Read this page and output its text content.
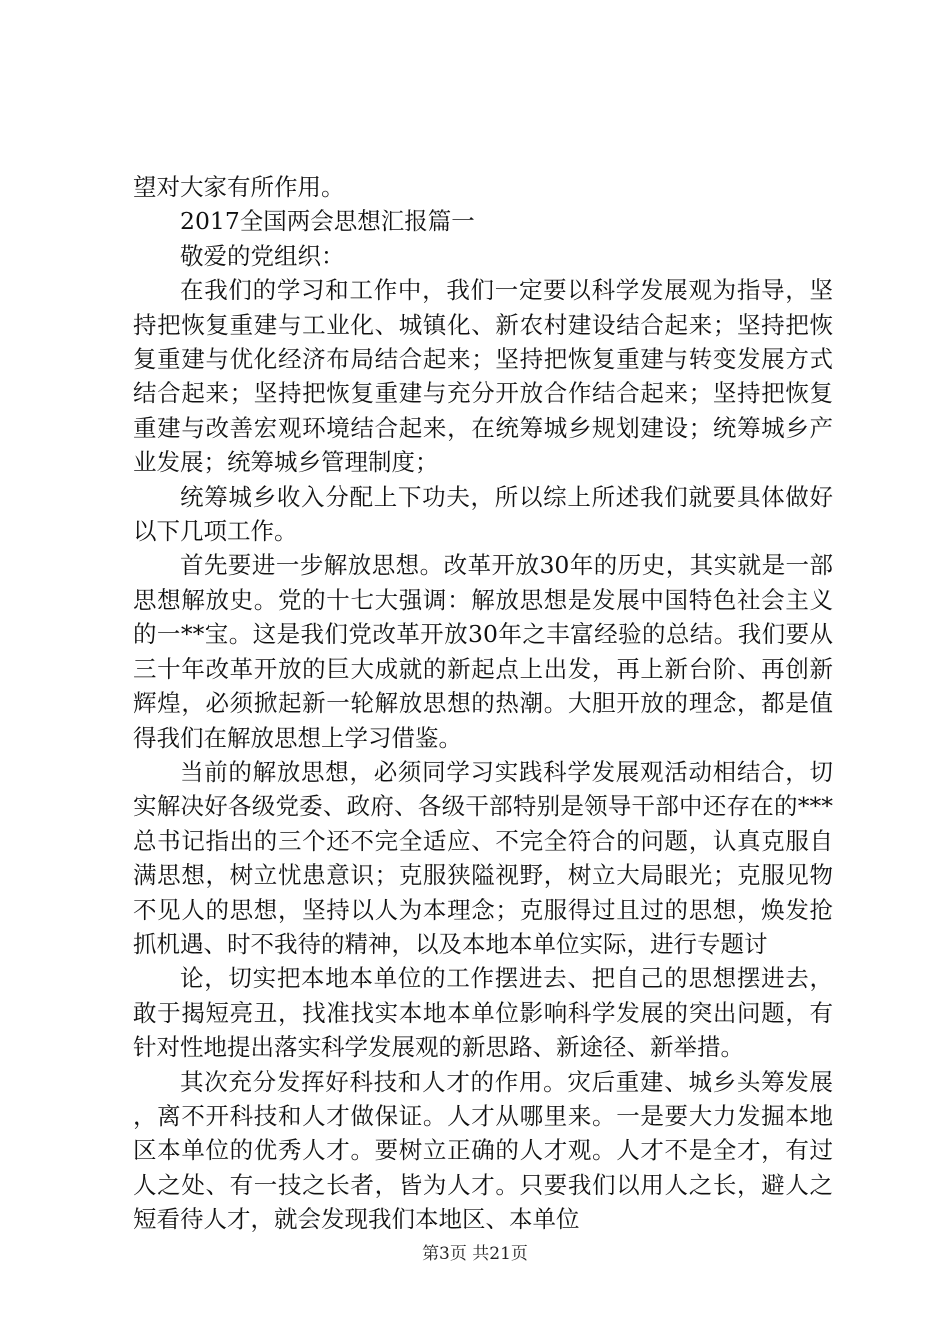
望对大家有所作用。

2017全国两会思想汇报篇一

敬爱的党组织：

在我们的学习和工作中，我们一定要以科学发展观为指导，坚持把恢复重建与工业化、城镇化、新农村建设结合起来；坚持把恢复重建与优化经济布局结合起来；坚持把恢复重建与转变发展方式结合起来；坚持把恢复重建与充分开放合作结合起来；坚持把恢复重建与改善宏观环境结合起来，在统筹城乡规划建设；统筹城乡产业发展；统筹城乡管理制度；

统筹城乡收入分配上下功夫，所以综上所述我们就要具体做好以下几项工作。

首先要进一步解放思想。改革开放30年的历史，其实就是一部思想解放史。党的十七大强调：解放思想是发展中国特色社会主义的一**宝。这是我们党改革开放30年之丰富经验的总结。我们要从三十年改革开放的巨大成就的新起点上出发，再上新台阶、再创新辉煌，必须掀起新一轮解放思想的热潮。大胆开放的理念，都是值得我们在解放思想上学习借鉴。

当前的解放思想，必须同学习实践科学发展观活动相结合，切实解决好各级党委、政府、各级干部特别是领导干部中还存在的***总书记指出的三个还不完全适应、不完全符合的问题，认真克服自满思想，树立忧患意识；克服狭隘视野，树立大局眼光；克服见物不见人的思想，坚持以人为本理念；克服得过且过的思想，焕发抢抓机遇、时不我待的精神，以及本地本单位实际，进行专题讨

论，切实把本地本单位的工作摆进去、把自己的思想摆进去，敢于揭短亮丑，找准找实本地本单位影响科学发展的突出问题，有针对性地提出落实科学发展观的新思路、新途径、新举措。

其次充分发挥好科技和人才的作用。灾后重建、城乡头筹发展，离不开科技和人才做保证。人才从哪里来。一是要大力发掘本地区本单位的优秀人才。要树立正确的人才观。人才不是全才，有过人之处、有一技之长者，皆为人才。只要我们以用人之长，避人之短看待人才，就会发现我们本地区、本单位

第3页 共21页
